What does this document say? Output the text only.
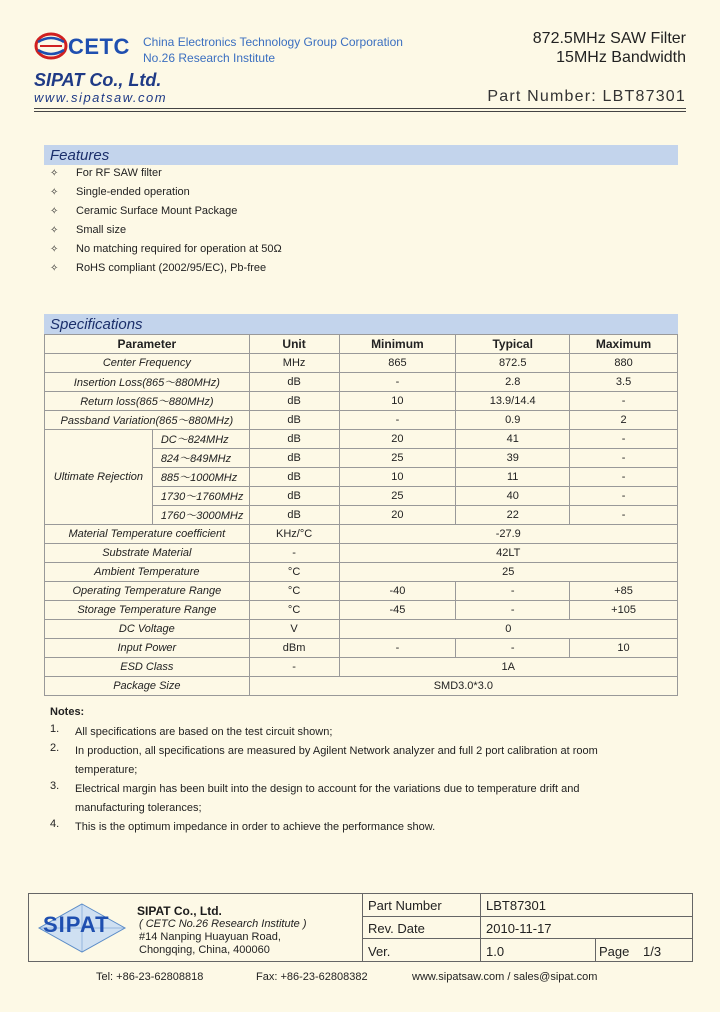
CETC China Electronics Technology Group Corporation
No.26 Research Institute
872.5MHz SAW Filter
15MHz Bandwidth
SIPAT Co., Ltd.
www.sipatsaw.com	Part Number: LBT87301
Features
✧ For RF SAW filter
✧ Single-ended operation
✧ Ceramic Surface Mount Package
✧ Small size
✧ No matching required for operation at 50Ω
✧ RoHS compliant (2002/95/EC), Pb-free
Specifications
Parameter		Unit	Minimum	Typical	Maximum
Center Frequency		MHz	865	872.5	880
Insertion Loss(865～880MHz)		dB	-	2.8	3.5
Return loss(865～880MHz)		dB	10	13.9/14.4	-
Passband Variation(865～880MHz)		dB	-	0.9	2
Ultimate Rejection	DC～824MHz	dB	20	41	-
	824～849MHz	dB	25	39	-
	885～1000MHz	dB	10	11	-
	1730～1760MHz	dB	25	40	-
	1760～3000MHz	dB	20	22	-
Material Temperature coefficient		KHz/°C	-27.9		
Substrate Material		-	42LT		
Ambient Temperature		°C	25		
Operating Temperature Range		°C	-40	-	+85
Storage Temperature Range		°C	-45	-	+105
DC Voltage		V	0		
Input Power		dBm	-	-	10
ESD Class		-	1A		
Package Size		SMD3.0*3.0			
Notes:
1. All specifications are based on the test circuit shown;
2. In production, all specifications are measured by Agilent Network analyzer and full 2 port calibration at room temperature;
3. Electrical margin has been built into the design to account for the variations due to temperature drift and manufacturing tolerances;
4. This is the optimum impedance in order to achieve the performance show.
SIPAT
SIPAT Co., Ltd.
( CETC No.26 Research Institute )
#14 Nanping Huayuan Road,
Chongqing, China, 400060
Part Number	LBT87301
Rev. Date	2010-11-17
Ver.	1.0	Page 1/3
Tel: +86-23-62808818	Fax: +86-23-62808382	www.sipatsaw.com / sales@sipat.com
